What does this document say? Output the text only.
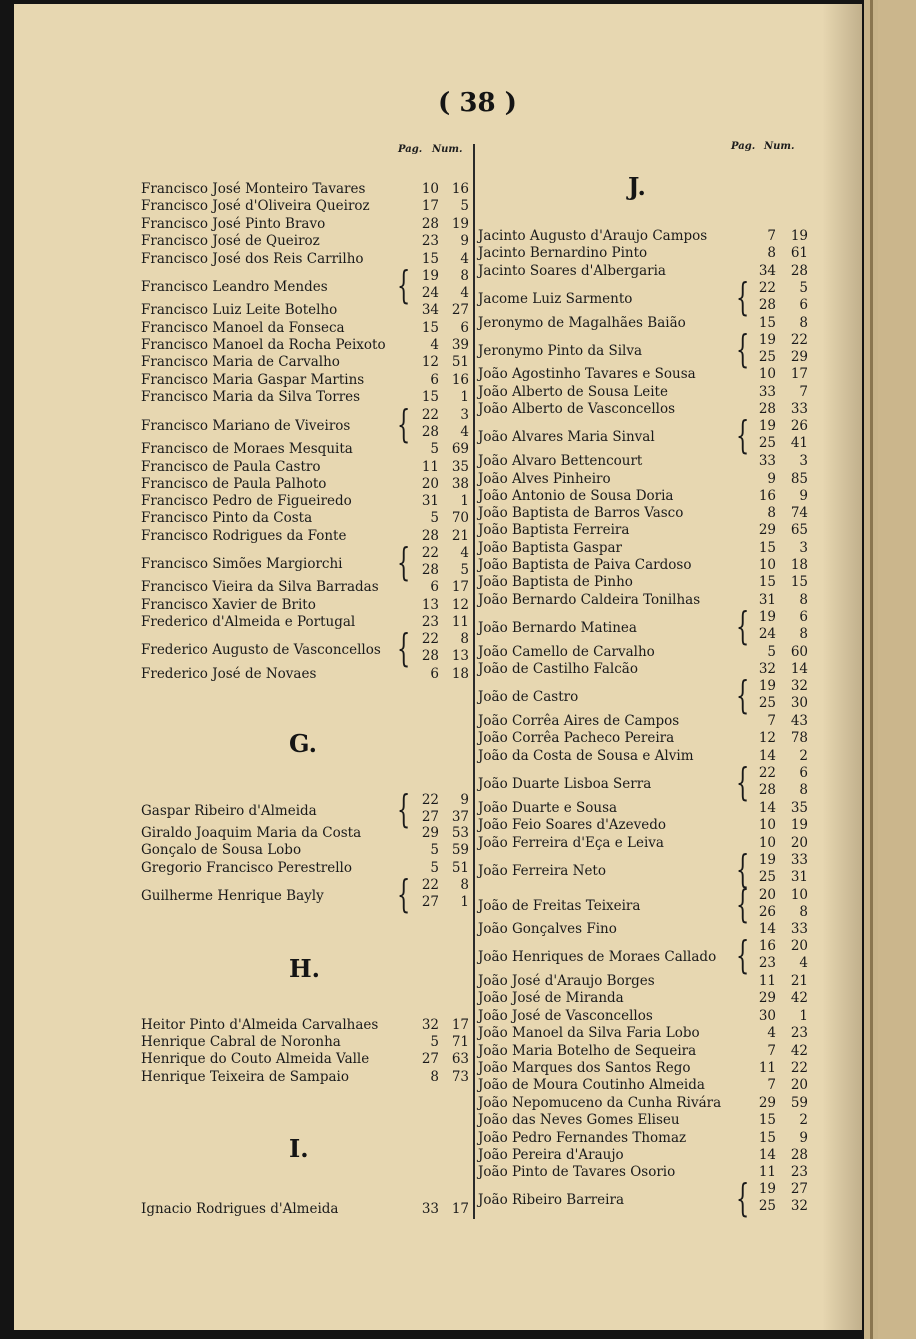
( 38 )
Pag. Num.	Pag. Num.
Francisco José Monteiro Tavares	10 16
Francisco José d'Oliveira Queiroz	17	5
Francisco José Pinto Bravo	28 19
Francisco José de Queiroz	23	9
Francisco José dos Reis Carrilho	15	4
Francisco Leandro Mendes { 19	8
24	4
Francisco Luiz Leite Botelho	34 27
Francisco Manoel da Fonseca	15	6
Francisco Manoel da Rocha Peixoto	4 39
Francisco Maria de Carvalho	12 51
Francisco Maria Gaspar Martins	6 16
Francisco Maria da Silva Torres	15	1
Francisco Mariano de Viveiros { 22	3
28	4
Francisco de Moraes Mesquita	5 69
Francisco de Paula Castro	11 35
Francisco de Paula Palhoto	20 38
Francisco Pedro de Figueiredo	31	1
Francisco Pinto da Costa	5 70
Francisco Rodrigues da Fonte	28 21
Francisco Simões Margiorchi { 22	4
28	5
Francisco Vieira da Silva Barradas	6 17
Francisco Xavier de Brito	13 12
Frederico d'Almeida e Portugal	23 11
Frederico Augusto de Vasconcellos { 22	8
28 13
Frederico José de Novaes	6 18
G.
Gaspar Ribeiro d'Almeida { 22	9
27 37
Giraldo Joaquim Maria da Costa	29 53
Gonçalo de Sousa Lobo	5 59
Gregorio Francisco Perestrello	5 51
Guilherme Henrique Bayly { 22	8
27	1
H.
Heitor Pinto d'Almeida Carvalhaes	32 17
Henrique Cabral de Noronha	5 71
Henrique do Couto Almeida Valle	27 63
Henrique Teixeira de Sampaio	8 73
I.
Ignacio Rodrigues d'Almeida	33 17
J.
Jacinto Augusto d'Araujo Campos	7	19
Jacinto Bernardino Pinto	8	61
Jacinto Soares d'Albergaria	34	28
Jacome Luiz Sarmento	{ 22	5
28	6
Jeronymo de Magalhães Baião	15	8
Jeronymo Pinto da Silva { 19	22
25	29
João Agostinho Tavares e Sousa	10	17
João Alberto de Sousa Leite	33	7
João Alberto de Vasconcellos	28	33
João Alvares Maria Sinval { 19	26
25	41
João Alvaro Bettencourt	33	3
João Alves Pinheiro	9	85
João Antonio de Sousa Doria	16	9
João Baptista de Barros Vasco	8	74
João Baptista Ferreira	29	65
João Baptista Gaspar	15	3
João Baptista de Paiva Cardoso	10	18
João Baptista de Pinho	15	15
João Bernardo Caldeira Tonilhas	31	8
João Bernardo Matinea	{ 19	6
24	8
João Camello de Carvalho	5	60
João de Castilho Falcão	32	14
João de Castro	{ 19	32
25	30
João Corrêa Aires de Campos	7	43
João Corrêa Pacheco Pereira	12	78
João da Costa de Sousa e Alvim	14	2
João Duarte Lisboa Serra { 22	6
28	8
João Duarte e Sousa	14	35
João Feio Soares d'Azevedo	10	19
João Ferreira d'Eça e Leiva	10	20
João Ferreira Neto	{ 19	33
25	31
João de Freitas Teixeira	{ 20	10
26	8
João Gonçalves Fino	14	33
João Henriques de Moraes Callado { 16	20
23	4
João José d'Araujo Borges	11	21
João José de Miranda	29	42
João José de Vasconcellos	30	1
João Manoel da Silva Faria Lobo	4	23
João Maria Botelho de Sequeira	7	42
João Marques dos Santos Rego	11	22
João de Moura Coutinho Almeida	7	20
João Nepomuceno da Cunha Rivára	29	59
João das Neves Gomes Eliseu	15	2
João Pedro Fernandes Thomaz	15	9
João Pereira d'Araujo	14	28
João Pinto de Tavares Osorio	11	23
João Ribeiro Barreira	{ 19	27
25	32
